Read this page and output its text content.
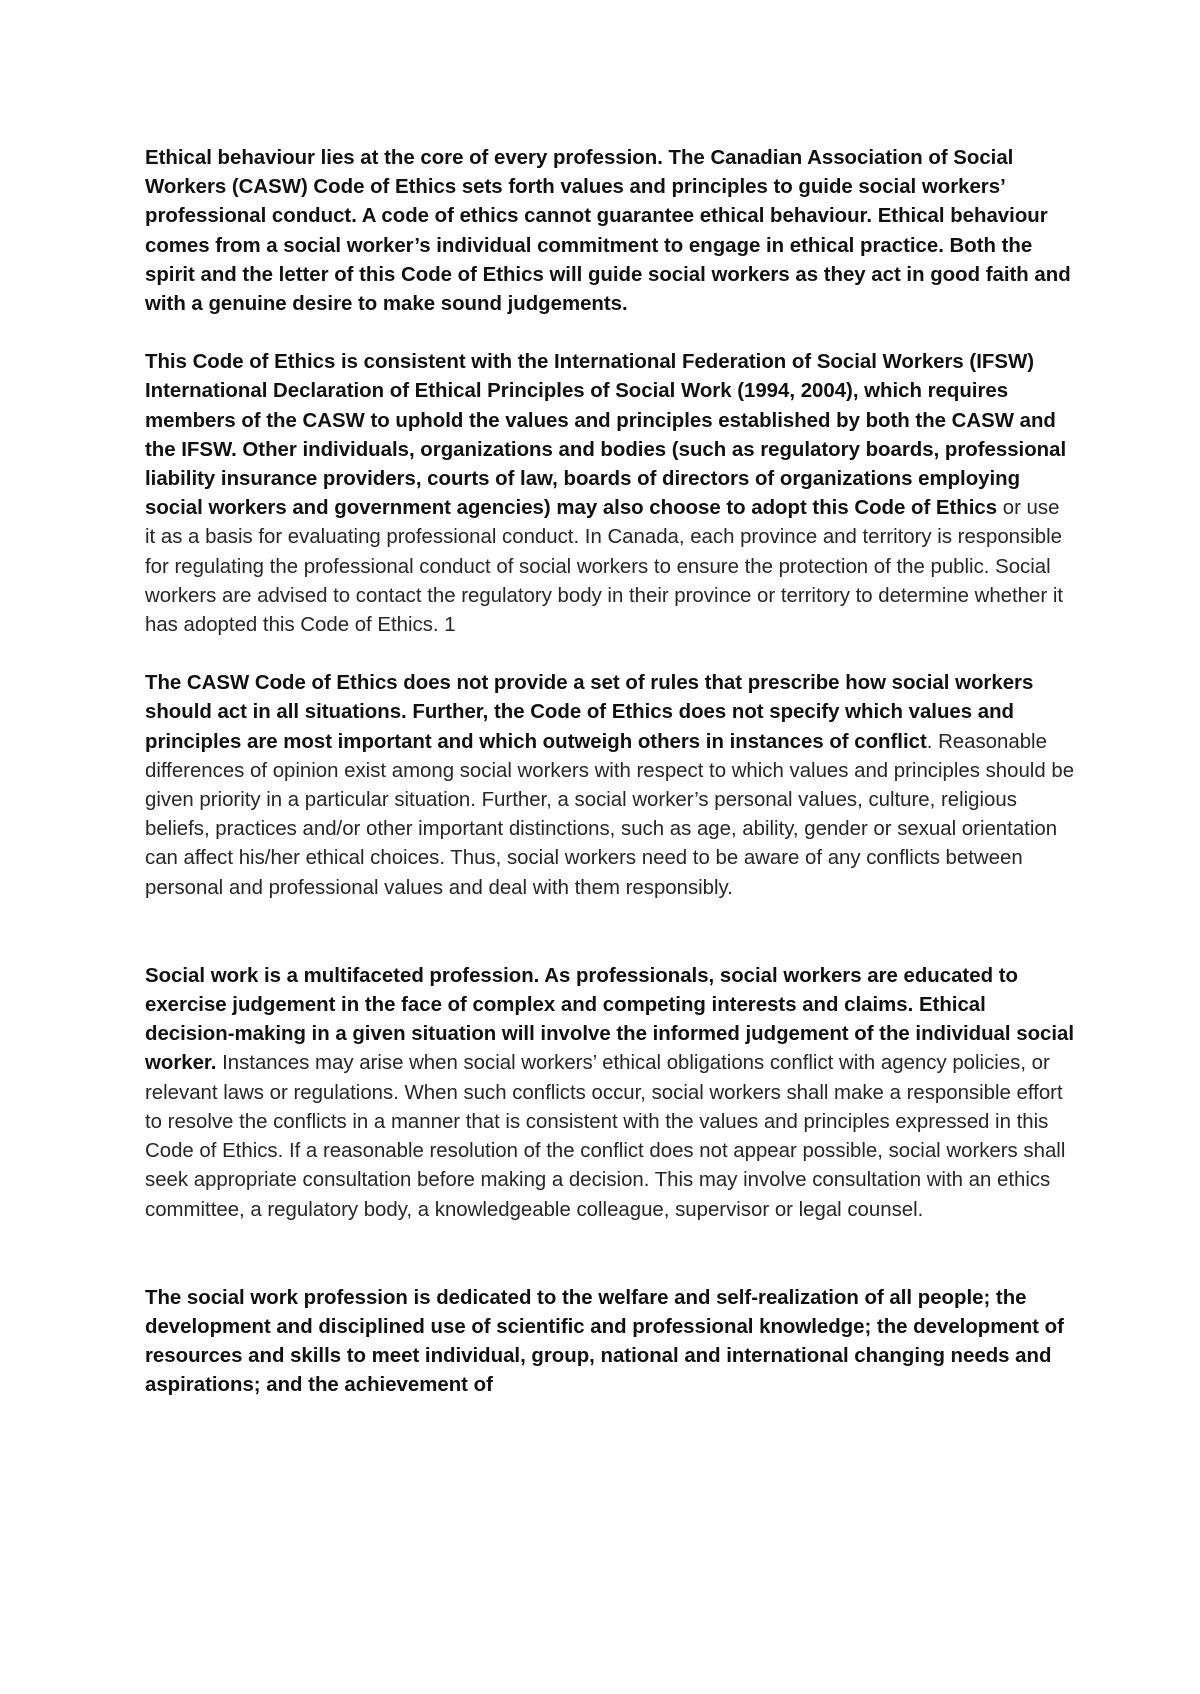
Ethical behaviour lies at the core of every profession. The Canadian Association of Social Workers (CASW) Code of Ethics sets forth values and principles to guide social workers’ professional conduct. A code of ethics cannot guarantee ethical behaviour. Ethical behaviour comes from a social worker’s individual commitment to engage in ethical practice. Both the spirit and the letter of this Code of Ethics will guide social workers as they act in good faith and with a genuine desire to make sound judgements.

This Code of Ethics is consistent with the International Federation of Social Workers (IFSW) International Declaration of Ethical Principles of Social Work (1994, 2004), which requires members of the CASW to uphold the values and principles established by both the CASW and the IFSW. Other individuals, organizations and bodies (such as regulatory boards, professional liability insurance providers, courts of law, boards of directors of organizations employing social workers and government agencies) may also choose to adopt this Code of Ethics or use it as a basis for evaluating professional conduct. In Canada, each province and territory is responsible for regulating the professional conduct of social workers to ensure the protection of the public. Social workers are advised to contact the regulatory body in their province or territory to determine whether it has adopted this Code of Ethics. 1

The CASW Code of Ethics does not provide a set of rules that prescribe how social workers should act in all situations. Further, the Code of Ethics does not specify which values and principles are most important and which outweigh others in instances of conflict. Reasonable differences of opinion exist among social workers with respect to which values and principles should be given priority in a particular situation. Further, a social worker’s personal values, culture, religious beliefs, practices and/or other important distinctions, such as age, ability, gender or sexual orientation can affect his/her ethical choices. Thus, social workers need to be aware of any conflicts between personal and professional values and deal with them responsibly.

Social work is a multifaceted profession. As professionals, social workers are educated to exercise judgement in the face of complex and competing interests and claims. Ethical decision-making in a given situation will involve the informed judgement of the individual social worker. Instances may arise when social workers’ ethical obligations conflict with agency policies, or relevant laws or regulations. When such conflicts occur, social workers shall make a responsible effort to resolve the conflicts in a manner that is consistent with the values and principles expressed in this Code of Ethics. If a reasonable resolution of the conflict does not appear possible, social workers shall seek appropriate consultation before making a decision. This may involve consultation with an ethics committee, a regulatory body, a knowledgeable colleague, supervisor or legal counsel.

The social work profession is dedicated to the welfare and self-realization of all people; the development and disciplined use of scientific and professional knowledge; the development of resources and skills to meet individual, group, national and international changing needs and aspirations; and the achievement of
